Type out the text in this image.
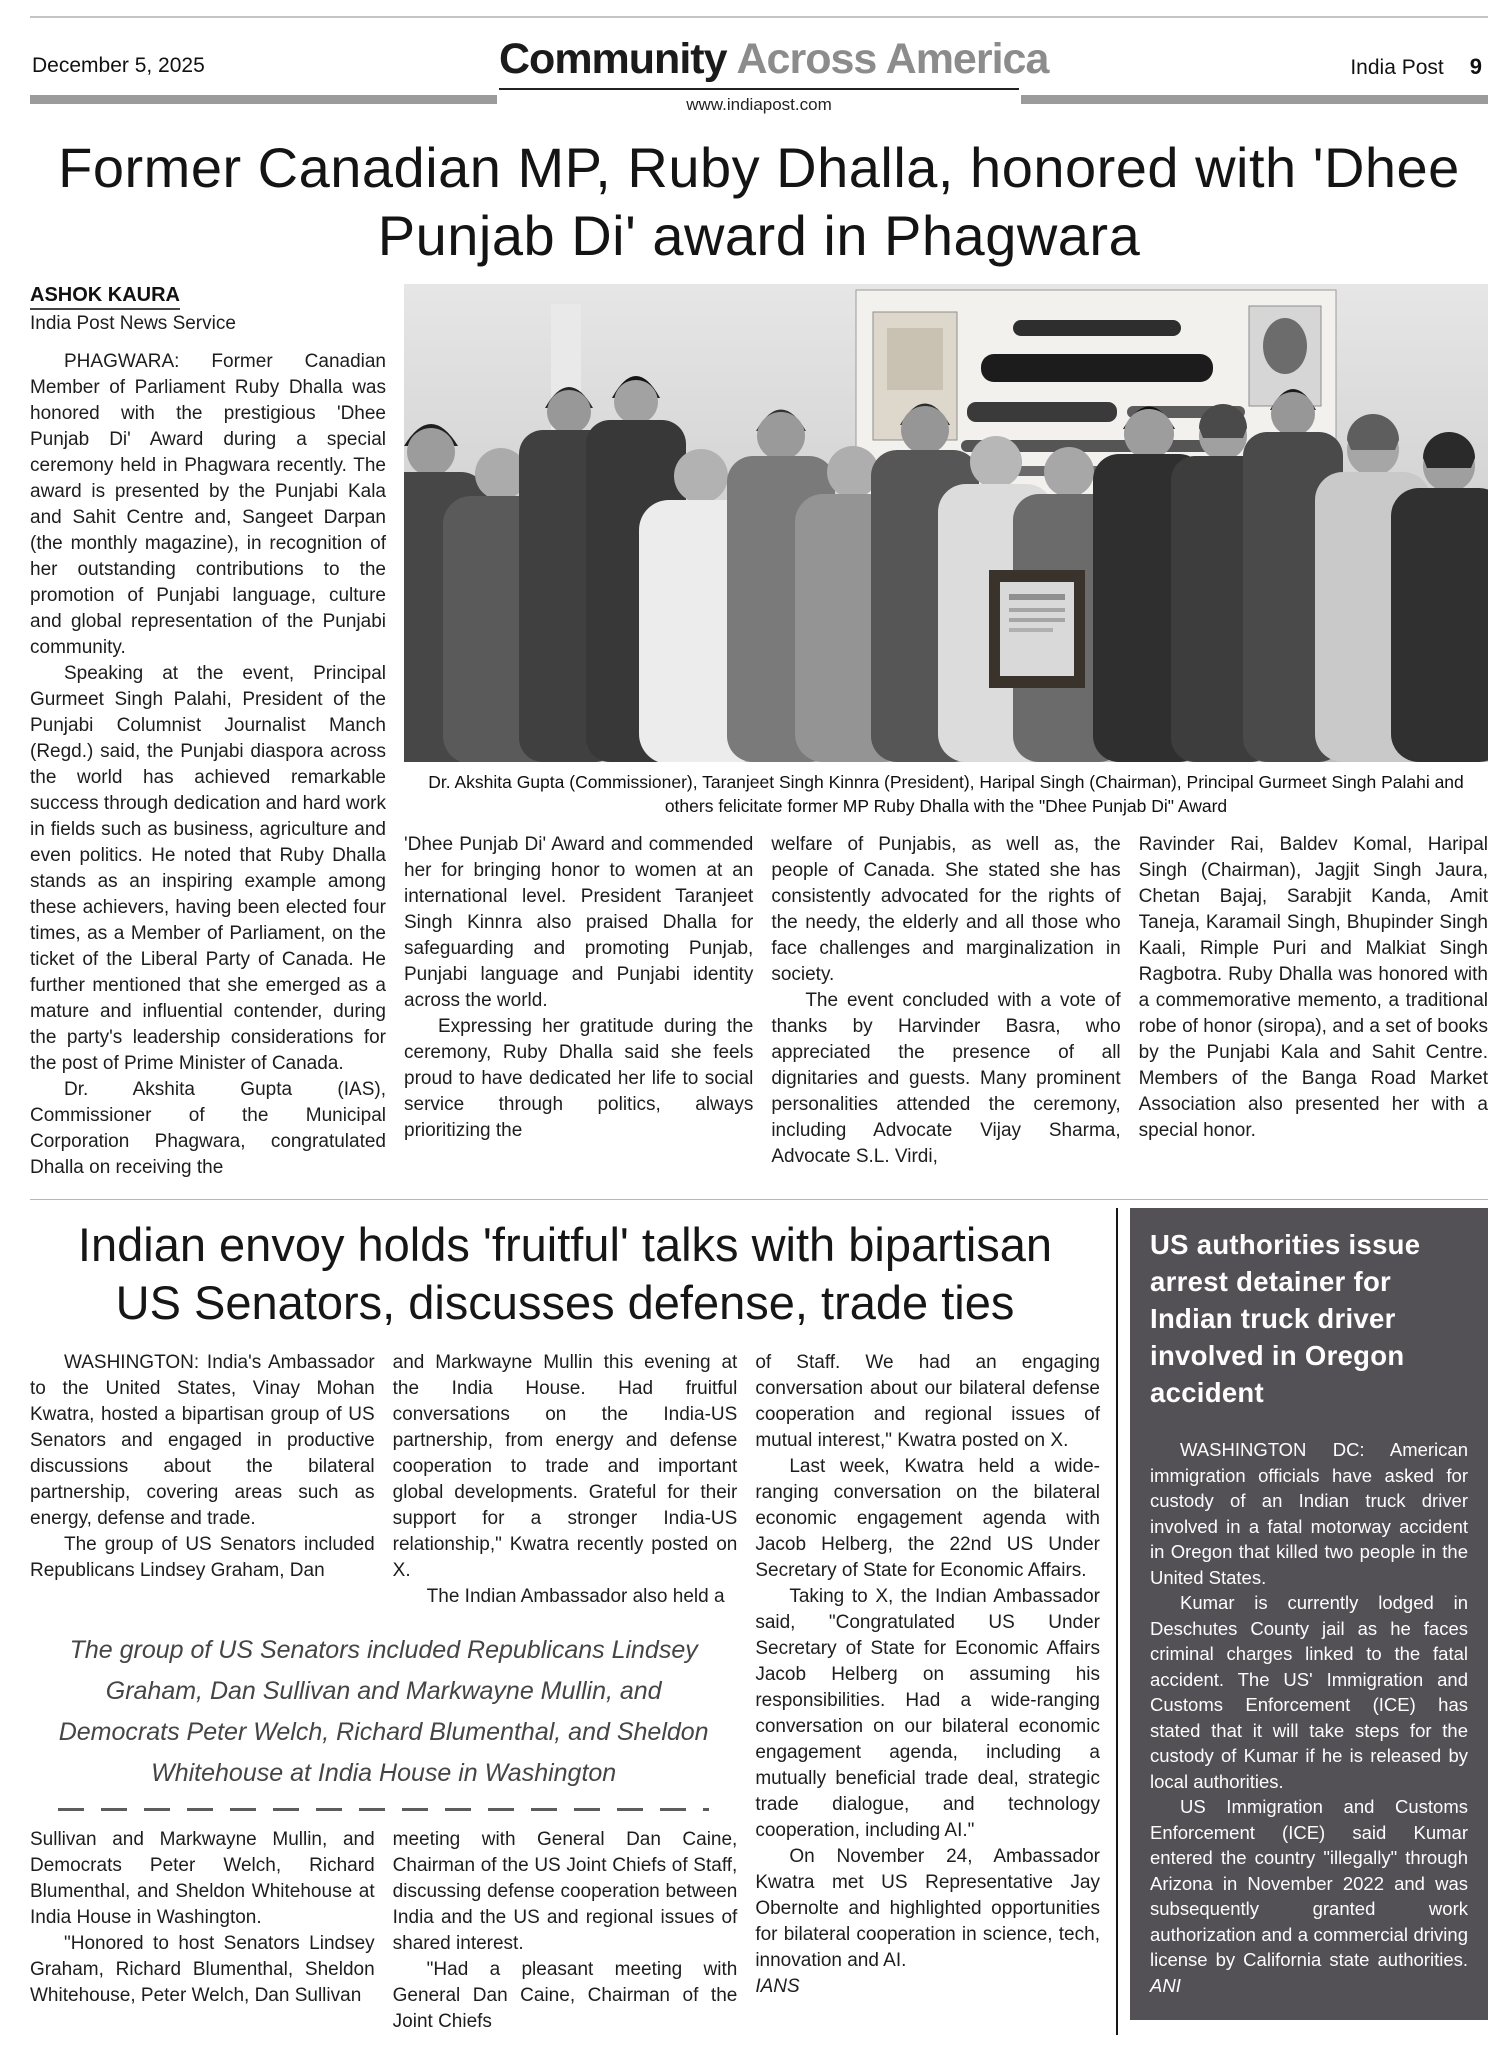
December 5, 2025	Community Across America
www.indiapost.com
India Post 9
Former Canadian MP, Ruby Dhalla, honored with 'Dhee Punjab Di' award in Phagwara
ASHOK KAURA
India Post News Service

PHAGWARA: Former Canadian Member of Parliament Ruby Dhalla was honored with the prestigious 'Dhee Punjab Di' Award during a special ceremony held in Phagwara recently. The award is presented by the Punjabi Kala and Sahit Centre and, Sangeet Darpan (the monthly magazine), in recognition of her outstanding contributions to the promotion of Punjabi language, culture and global representation of the Punjabi community.

Speaking at the event, Principal Gurmeet Singh Palahi, President of the Punjabi Columnist Journalist Manch (Regd.) said, the Punjabi diaspora across the world has achieved remarkable success through dedication and hard work in fields such as business, agriculture and even politics. He noted that Ruby Dhalla stands as an inspiring example among these achievers, having been elected four times, as a Member of Parliament, on the ticket of the Liberal Party of Canada. He further mentioned that she emerged as a mature and influential contender, during the party's leadership considerations for the post of Prime Minister of Canada.

Dr. Akshita Gupta (IAS), Commissioner of the Municipal Corporation Phagwara, congratulated Dhalla on receiving the

Dr. Akshita Gupta (Commissioner), Taranjeet Singh Kinnra (President), Haripal Singh (Chairman), Principal Gurmeet Singh Palahi and others felicitate former MP Ruby Dhalla with the "Dhee Punjab Di" Award

'Dhee Punjab Di' Award and commended her for bringing honor to women at an international level. President Taranjeet Singh Kinnra also praised Dhalla for safeguarding and promoting Punjab, Punjabi language and Punjabi identity across the world.

Expressing her gratitude during the ceremony, Ruby Dhalla said she feels proud to have dedicated her life to social service through politics, always prioritizing the

welfare of Punjabis, as well as, the people of Canada. She stated she has consistently advocated for the rights of the needy, the elderly and all those who face challenges and marginalization in society.

The event concluded with a vote of thanks by Harvinder Basra, who appreciated the presence of all dignitaries and guests. Many prominent personalities attended the ceremony, including Advocate Vijay Sharma, Advocate S.L. Virdi,

Ravinder Rai, Baldev Komal, Haripal Singh (Chairman), Jagjit Singh Jaura, Chetan Bajaj, Sarabjit Kanda, Amit Taneja, Karamail Singh, Bhupinder Singh Kaali, Rimple Puri and Malkiat Singh Ragbotra. Ruby Dhalla was honored with a commemorative memento, a traditional robe of honor (siropa), and a set of books by the Punjabi Kala and Sahit Centre. Members of the Banga Road Market Association also presented her with a special honor.

Indian envoy holds 'fruitful' talks with bipartisan US Senators, discusses defense, trade ties

WASHINGTON: India's Ambassador to the United States, Vinay Mohan Kwatra, hosted a bipartisan group of US Senators and engaged in productive discussions about the bilateral partnership, covering areas such as energy, defense and trade.

The group of US Senators included Republicans Lindsey Graham, Dan

and Markwayne Mullin this evening at the India House. Had fruitful conversations on the India-US partnership, from energy and defense cooperation to trade and important global developments. Grateful for their support for a stronger India-US relationship," Kwatra recently posted on X.

The Indian Ambassador also held a

of Staff. We had an engaging conversation about our bilateral defense cooperation and regional issues of mutual interest," Kwatra posted on X.

Last week, Kwatra held a wide-ranging conversation on the bilateral economic engagement agenda with Jacob Helberg, the 22nd US Under Secretary of State for Economic Affairs.

Taking to X, the Indian Ambassador said, "Congratulated US Under Secretary of State for Economic Affairs Jacob Helberg on assuming his responsibilities. Had a wide-ranging conversation on our bilateral economic engagement agenda, including a mutually beneficial trade deal, strategic trade dialogue, and technology cooperation, including AI."

On November 24, Ambassador Kwatra met US Representative Jay Obernolte and highlighted opportunities for bilateral cooperation in science, tech, innovation and AI.

IANS

The group of US Senators included Republicans Lindsey Graham, Dan Sullivan and Markwayne Mullin, and Democrats Peter Welch, Richard Blumenthal, and Sheldon Whitehouse at India House in Washington

Sullivan and Markwayne Mullin, and Democrats Peter Welch, Richard Blumenthal, and Sheldon Whitehouse at India House in Washington.

"Honored to host Senators Lindsey Graham, Richard Blumenthal, Sheldon Whitehouse, Peter Welch, Dan Sullivan

meeting with General Dan Caine, Chairman of the US Joint Chiefs of Staff, discussing defense cooperation between India and the US and regional issues of shared interest.

"Had a pleasant meeting with General Dan Caine, Chairman of the Joint Chiefs

US authorities issue arrest detainer for Indian truck driver involved in Oregon accident

WASHINGTON DC: American immigration officials have asked for custody of an Indian truck driver involved in a fatal motorway accident in Oregon that killed two people in the United States.

Kumar is currently lodged in Deschutes County jail as he faces criminal charges linked to the fatal accident. The US' Immigration and Customs Enforcement (ICE) has stated that it will take steps for the custody of Kumar if he is released by local authorities.

US Immigration and Customs Enforcement (ICE) said Kumar entered the country "illegally" through Arizona in November 2022 and was subsequently granted work authorization and a commercial driving license by California state authorities. ANI
